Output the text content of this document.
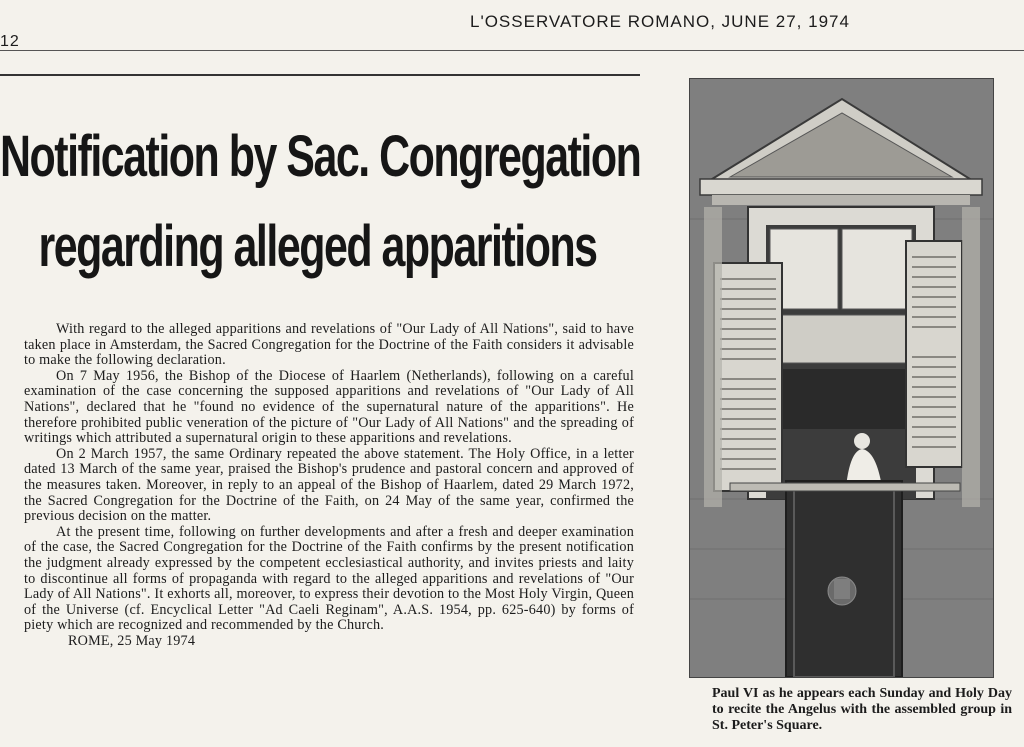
12
L'OSSERVATORE ROMANO, JUNE 27, 1974
Notification by Sac. Congregation
regarding alleged apparitions

With regard to the alleged apparitions and revelations of "Our Lady of All Nations", said to have taken place in Amsterdam, the Sacred Congregation for the Doctrine of the Faith considers it advisable to make the following declaration.

On 7 May 1956, the Bishop of the Diocese of Haarlem (Netherlands), following on a careful examination of the case concerning the supposed apparitions and revelations of "Our Lady of All Nations", declared that he "found no evidence of the supernatural nature of the apparitions". He therefore prohibited public veneration of the picture of "Our Lady of All Nations" and the spreading of writings which attributed a supernatural origin to these apparitions and revelations.

On 2 March 1957, the same Ordinary repeated the above statement. The Holy Office, in a letter dated 13 March of the same year, praised the Bishop's prudence and pastoral concern and approved of the measures taken. Moreover, in reply to an appeal of the Bishop of Haarlem, dated 29 March 1972, the Sacred Congregation for the Doctrine of the Faith, on 24 May of the same year, confirmed the previous decision on the matter.

At the present time, following on further developments and after a fresh and deeper examination of the case, the Sacred Congregation for the Doctrine of the Faith confirms by the present notification the judgment already expressed by the competent ecclesiastical authority, and invites priests and laity to discontinue all forms of propaganda with regard to the alleged apparitions and revelations of "Our Lady of All Nations". It exhorts all, moreover, to express their devotion to the Most Holy Virgin, Queen of the Universe (cf. Encyclical Letter "Ad Caeli Reginam", A.A.S. 1954, pp. 625-640) by forms of piety which are recognized and recommended by the Church.

ROME, 25 May 1974

Paul VI as he appears each Sunday and Holy Day to recite the Angelus with the assembled group in St. Peter's Square.
